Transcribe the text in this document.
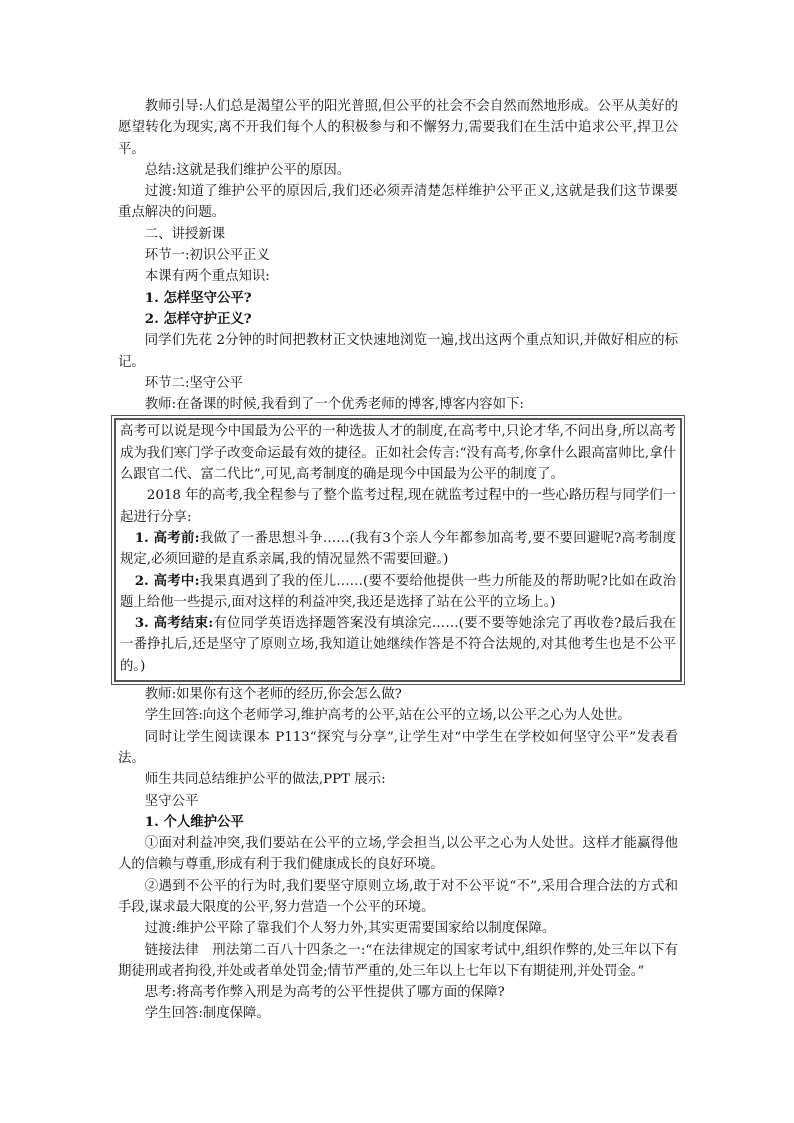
教师引导:人们总是渴望公平的阳光普照,但公平的社会不会自然而然地形成。公平从美好的愿望转化为现实,离不开我们每个人的积极参与和不懈努力,需要我们在生活中追求公平,捍卫公平。

总结:这就是我们维护公平的原因。

过渡:知道了维护公平的原因后,我们还必须弄清楚怎样维护公平正义,这就是我们这节课要重点解决的问题。

二、讲授新课

环节一:初识公平正义

本课有两个重点知识:

1. 怎样坚守公平?

2. 怎样守护正义?

同学们先花 2分钟的时间把教材正文快速地浏览一遍,找出这两个重点知识,并做好相应的标记。

环节二:坚守公平

教师:在备课的时候,我看到了一个优秀老师的博客,博客内容如下:

高考可以说是现今中国最为公平的一种选拔人才的制度,在高考中,只论才华,不问出身,所以高考成为我们寒门学子改变命运最有效的捷径。正如社会传言:“没有高考,你拿什么跟高富帅比,拿什么跟官二代、富二代比”,可见,高考制度的确是现今中国最为公平的制度了。

2018 年的高考,我全程参与了整个监考过程,现在就监考过程中的一些心路历程与同学们一起进行分享:

1. 高考前:我做了一番思想斗争……(我有3个亲人今年都参加高考,要不要回避呢?高考制度规定,必须回避的是直系亲属,我的情况显然不需要回避。)

2. 高考中:我果真遇到了我的侄儿……(要不要给他提供一些力所能及的帮助呢?比如在政治题上给他一些提示,面对这样的利益冲突,我还是选择了站在公平的立场上。)

3. 高考结束:有位同学英语选择题答案没有填涂完……(要不要等她涂完了再收卷?最后我在一番挣扎后,还是坚守了原则立场,我知道让她继续作答是不符合法规的,对其他考生也是不公平的。)

教师:如果你有这个老师的经历,你会怎么做?

学生回答:向这个老师学习,维护高考的公平,站在公平的立场,以公平之心为人处世。

同时让学生阅读课本 P113“探究与分享”,让学生对“中学生在学校如何坚守公平”发表看法。

师生共同总结维护公平的做法,PPT 展示:

坚守公平

1. 个人维护公平

①面对利益冲突,我们要站在公平的立场,学会担当,以公平之心为人处世。这样才能赢得他人的信赖与尊重,形成有利于我们健康成长的良好环境。

②遇到不公平的行为时,我们要坚守原则立场,敢于对不公平说“不”,采用合理合法的方式和手段,谋求最大限度的公平,努力营造一个公平的环境。

过渡:维护公平除了靠我们个人努力外,其实更需要国家给以制度保障。

链接法律　刑法第二百八十四条之一:“在法律规定的国家考试中,组织作弊的,处三年以下有期徒刑或者拘役,并处或者单处罚金;情节严重的,处三年以上七年以下有期徒刑,并处罚金。”

思考:将高考作弊入刑是为高考的公平性提供了哪方面的保障?

学生回答:制度保障。
